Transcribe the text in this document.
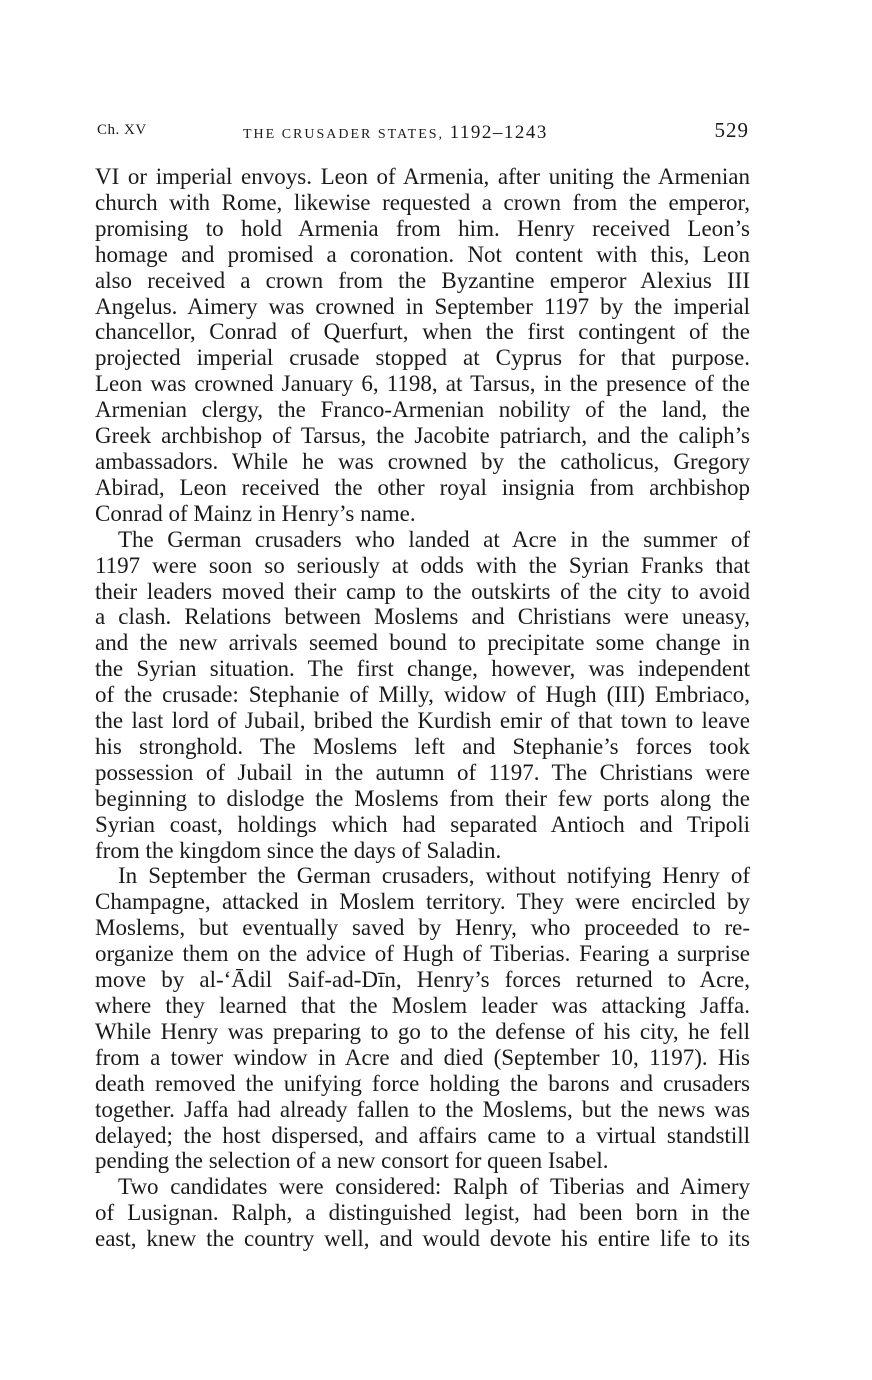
Ch. XV	THE CRUSADER STATES, 1192–1243	529

VI or imperial envoys. Leon of Armenia, after uniting the Armenian

church with Rome, likewise requested a crown from the emperor,

promising to hold Armenia from him. Henry received Leon’s

homage and promised a coronation. Not content with this, Leon

also received a crown from the Byzantine emperor Alexius III

Angelus. Aimery was crowned in September 1197 by the imperial

chancellor, Conrad of Querfurt, when the first contingent of the

projected imperial crusade stopped at Cyprus for that purpose.

Leon was crowned January 6, 1198, at Tarsus, in the presence of the

Armenian clergy, the Franco-Armenian nobility of the land, the

Greek archbishop of Tarsus, the Jacobite patriarch, and the caliph’s

ambassadors. While he was crowned by the catholicus, Gregory

Abirad, Leon received the other royal insignia from archbishop

Conrad of Mainz in Henry’s name.

The German crusaders who landed at Acre in the summer of

1197 were soon so seriously at odds with the Syrian Franks that

their leaders moved their camp to the outskirts of the city to avoid

a clash. Relations between Moslems and Christians were uneasy,

and the new arrivals seemed bound to precipitate some change in

the Syrian situation. The first change, however, was independent

of the crusade: Stephanie of Milly, widow of Hugh (III) Embriaco,

the last lord of Jubail, bribed the Kurdish emir of that town to leave

his stronghold. The Moslems left and Stephanie’s forces took

possession of Jubail in the autumn of 1197. The Christians were

beginning to dislodge the Moslems from their few ports along the

Syrian coast, holdings which had separated Antioch and Tripoli

from the kingdom since the days of Saladin.

In September the German crusaders, without notifying Henry of

Champagne, attacked in Moslem territory. They were encircled by

Moslems, but eventually saved by Henry, who proceeded to re-

organize them on the advice of Hugh of Tiberias. Fearing a surprise

move by al-‘Ādil Saif-ad-Dīn, Henry’s forces returned to Acre,

where they learned that the Moslem leader was attacking Jaffa.

While Henry was preparing to go to the defense of his city, he fell

from a tower window in Acre and died (September 10, 1197). His

death removed the unifying force holding the barons and crusaders

together. Jaffa had already fallen to the Moslems, but the news was

delayed; the host dispersed, and affairs came to a virtual standstill

pending the selection of a new consort for queen Isabel.

Two candidates were considered: Ralph of Tiberias and Aimery

of Lusignan. Ralph, a distinguished legist, had been born in the

east, knew the country well, and would devote his entire life to its
